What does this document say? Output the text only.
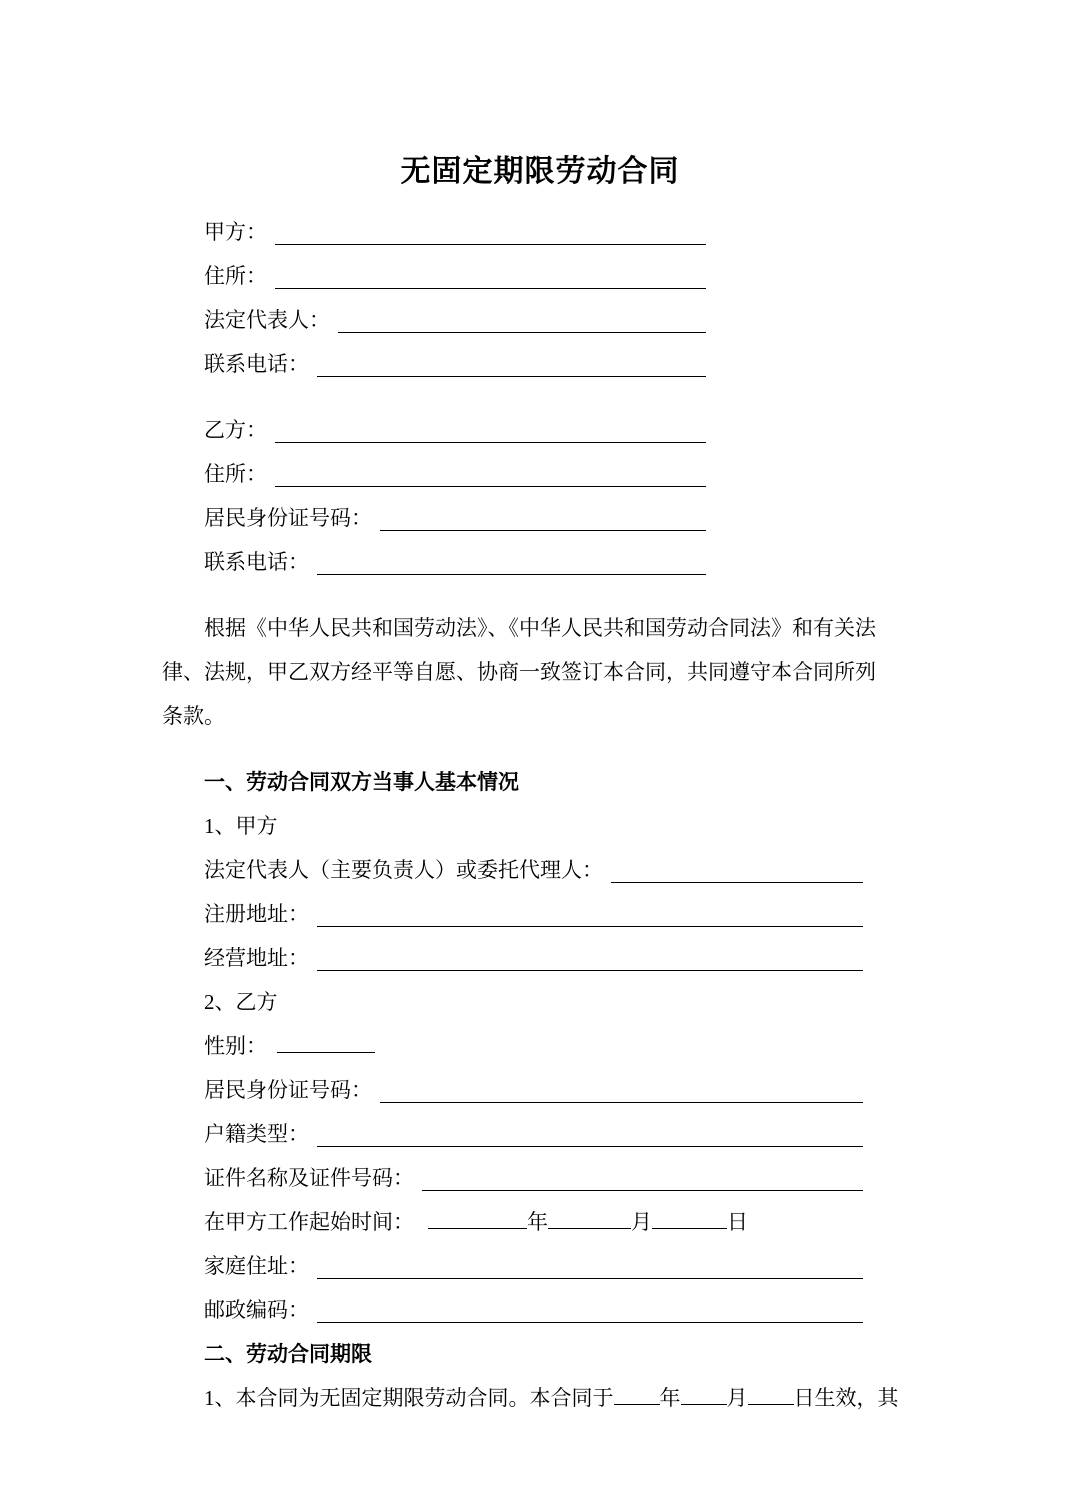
无固定期限劳动合同
甲方：
住所：
法定代表人：
联系电话：
乙方：
住所：
居民身份证号码：
联系电话：
根据《中华人民共和国劳动法》、《中华人民共和国劳动合同法》和有关法
律、法规，甲乙双方经平等自愿、协商一致签订本合同，共同遵守本合同所列
条款。
一、劳动合同双方当事人基本情况
1、甲方
法定代表人（主要负责人）或委托代理人：
注册地址：
经营地址：
2、乙方
性别：
居民身份证号码：
户籍类型：
证件名称及证件号码：
在甲方工作起始时间：	年	月	日
家庭住址：
邮政编码：
二、劳动合同期限
1、本合同为无固定期限劳动合同。本合同于 年 月 日生效，其
